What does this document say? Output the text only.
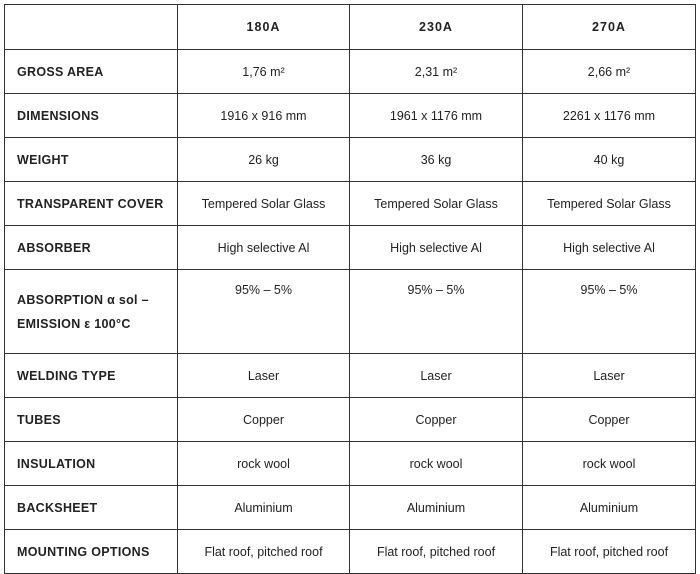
	180A	230A	270A
GROSS AREA	1,76 m²	2,31 m²	2,66 m²
DIMENSIONS	1916 x 916 mm	1961 x 1176 mm	2261 x 1176 mm
WEIGHT	26 kg	36 kg	40 kg
TRANSPARENT COVER	Tempered Solar Glass	Tempered Solar Glass	Tempered Solar Glass
ABSORBER	High selective Al	High selective Al	High selective Al

ABSORPTION α sol –
EMISSION ε 100°C	95% – 5%	95% – 5%	95% – 5%
WELDING TYPE	Laser	Laser	Laser
TUBES	Copper	Copper	Copper
INSULATION	rock wool	rock wool	rock wool
BACKSHEET	Aluminium	Aluminium	Aluminium
MOUNTING OPTIONS	Flat roof, pitched roof	Flat roof, pitched roof	Flat roof, pitched roof
